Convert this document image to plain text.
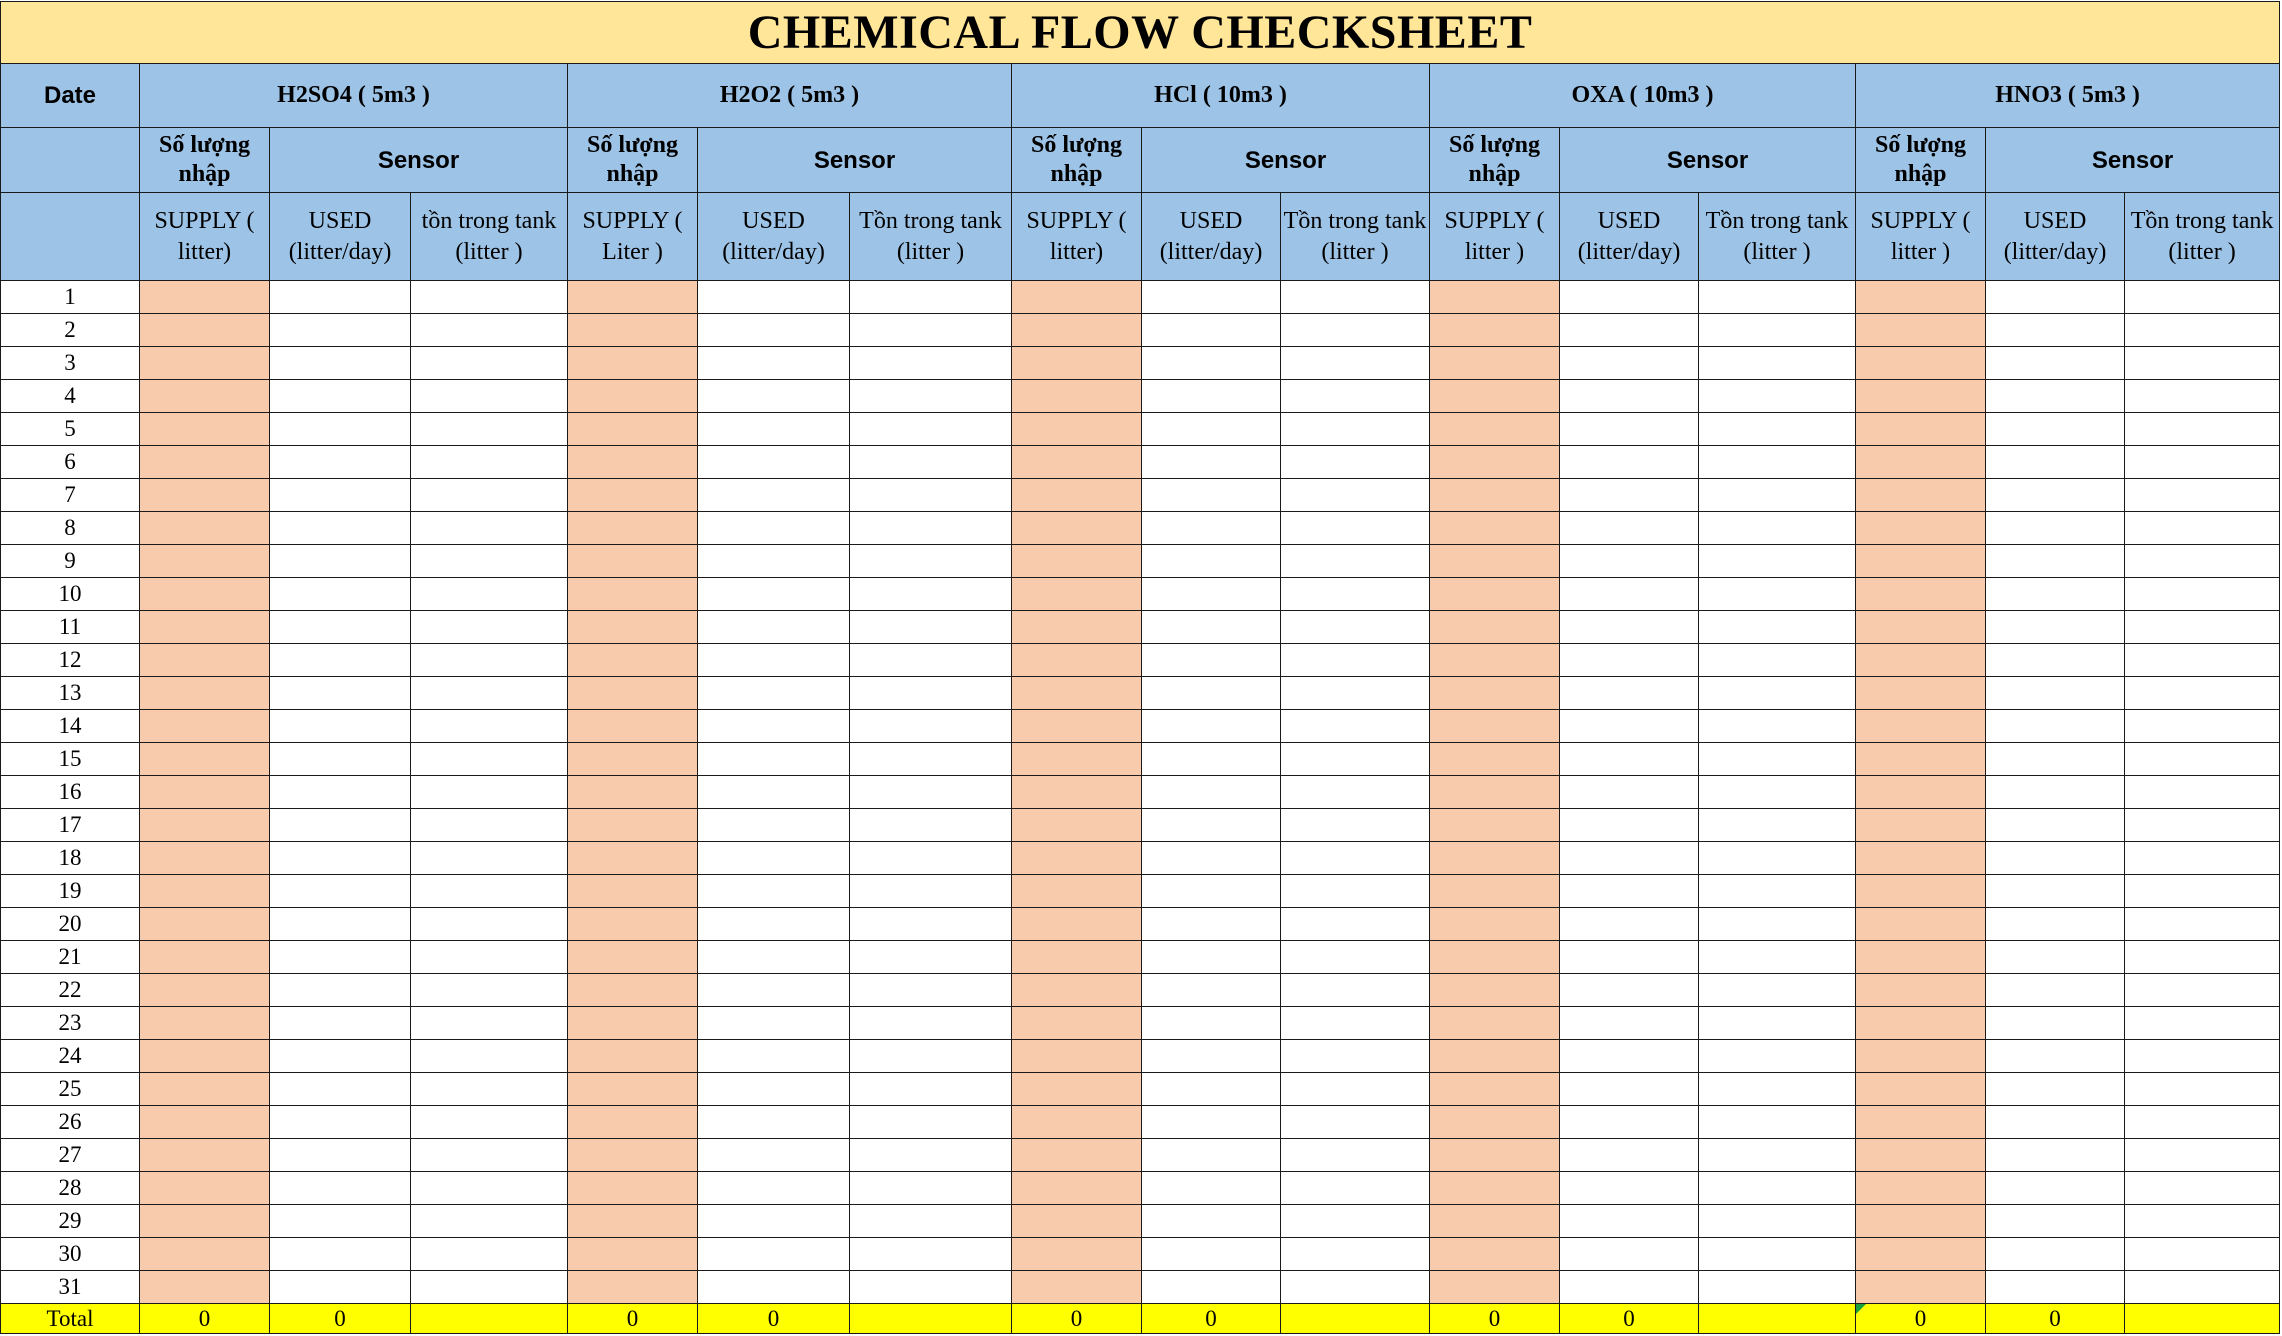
CHEMICAL FLOW CHECKSHEET															
Date	H2SO4 ( 5m3 )			H2O2 ( 5m3 )			HCl ( 10m3 )			OXA ( 10m3 )			HNO3 ( 5m3 )		
	Số lượng nhập	Sensor		Số lượng nhập	Sensor		Số lượng nhập	Sensor		Số lượng nhập	Sensor		Số lượng nhập	Sensor	
	SUPPLY ( litter)	USED (litter/day)	tồn trong tank (litter )	SUPPLY ( Liter )	USED (litter/day)	Tồn trong tank (litter )	SUPPLY ( litter)	USED (litter/day)	Tồn trong tank (litter )	SUPPLY ( litter )	USED (litter/day)	Tồn trong tank (litter )	SUPPLY ( litter )	USED (litter/day)	Tồn trong tank (litter )
1															
2															
3															
4															
5															
6															
7															
8															
9															
10															
11															
12															
13															
14															
15															
16															
17															
18															
19															
20															
21															
22															
23															
24															
25															
26															
27															
28															
29															
30															
31															
Total	0	0		0	0		0	0		0	0		0	0	
